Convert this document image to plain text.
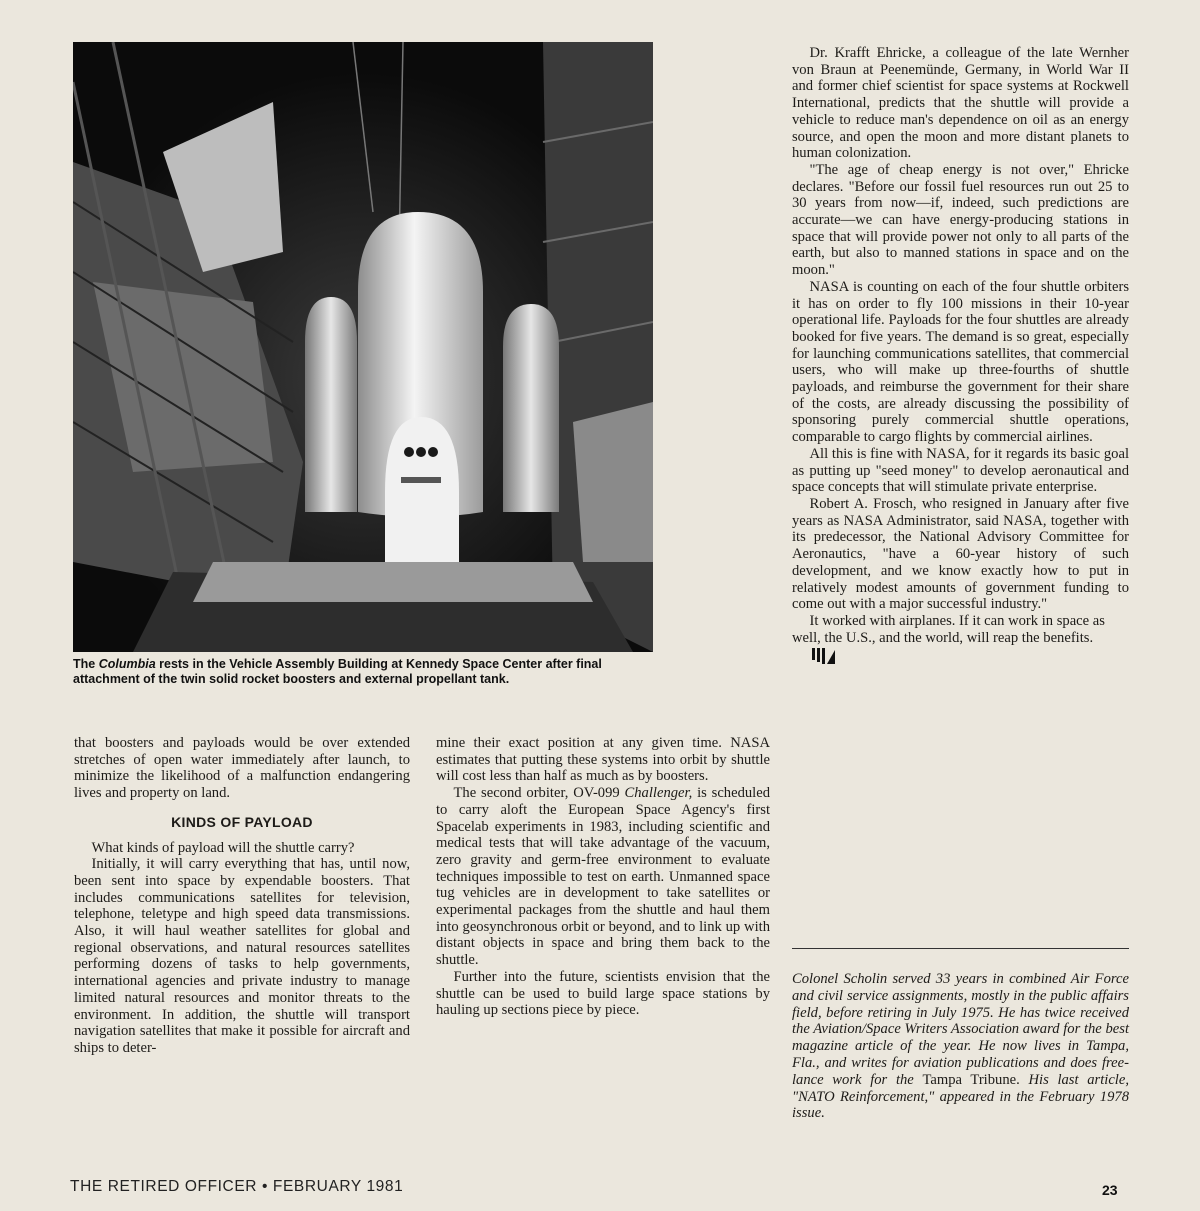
The Columbia rests in the Vehicle Assembly Building at Kennedy Space Center after final attachment of the twin solid rocket boosters and external propellant tank.

that boosters and payloads would be over extended stretches of open water immediately after launch, to minimize the likelihood of a malfunction endangering lives and property on land.

KINDS OF PAYLOAD

What kinds of payload will the shuttle carry?

Initially, it will carry everything that has, until now, been sent into space by expendable boosters. That includes communications satellites for television, telephone, teletype and high speed data transmissions. Also, it will haul weather satellites for global and regional observations, and natural resources satellites performing dozens of tasks to help governments, international agencies and private industry to manage limited natural resources and monitor threats to the environment. In addition, the shuttle will transport navigation satellites that make it possible for aircraft and ships to deter-

mine their exact position at any given time. NASA estimates that putting these systems into orbit by shuttle will cost less than half as much as by boosters.

The second orbiter, OV-099 Challenger, is scheduled to carry aloft the European Space Agency's first Spacelab experiments in 1983, including scientific and medical tests that will take advantage of the vacuum, zero gravity and germ-free environment to evaluate techniques impossible to test on earth. Unmanned space tug vehicles are in development to take satellites or experimental packages from the shuttle and haul them into geosynchronous orbit or beyond, and to link up with distant objects in space and bring them back to the shuttle.

Further into the future, scientists envision that the shuttle can be used to build large space stations by hauling up sections piece by piece.

Dr. Krafft Ehricke, a colleague of the late Wernher von Braun at Peenemünde, Germany, in World War II and former chief scientist for space systems at Rockwell International, predicts that the shuttle will provide a vehicle to reduce man's dependence on oil as an energy source, and open the moon and more distant planets to human colonization.

"The age of cheap energy is not over," Ehricke declares. "Before our fossil fuel resources run out 25 to 30 years from now—if, indeed, such predictions are accurate—we can have energy-producing stations in space that will provide power not only to all parts of the earth, but also to manned stations in space and on the moon."

NASA is counting on each of the four shuttle orbiters it has on order to fly 100 missions in their 10-year operational life. Payloads for the four shuttles are already booked for five years. The demand is so great, especially for launching communications satellites, that commercial users, who will make up three-fourths of shuttle payloads, and reimburse the government for their share of the costs, are already discussing the possibility of sponsoring purely commercial shuttle operations, comparable to cargo flights by commercial airlines.

All this is fine with NASA, for it regards its basic goal as putting up "seed money" to develop aeronautical and space concepts that will stimulate private enterprise.

Robert A. Frosch, who resigned in January after five years as NASA Administrator, said NASA, together with its predecessor, the National Advisory Committee for Aeronautics, "have a 60-year history of such development, and we know exactly how to put in relatively modest amounts of government funding to come out with a major successful industry."

It worked with airplanes. If it can work in space as well, the U.S., and the world, will reap the benefits.

Colonel Scholin served 33 years in combined Air Force and civil service assignments, mostly in the public affairs field, before retiring in July 1975. He has twice received the Aviation/Space Writers Association award for the best magazine article of the year. He now lives in Tampa, Fla., and writes for aviation publications and does free-lance work for the Tampa Tribune. His last article, "NATO Reinforcement," appeared in the February 1978 issue.
THE RETIRED OFFICER • FEBRUARY 1981	23
